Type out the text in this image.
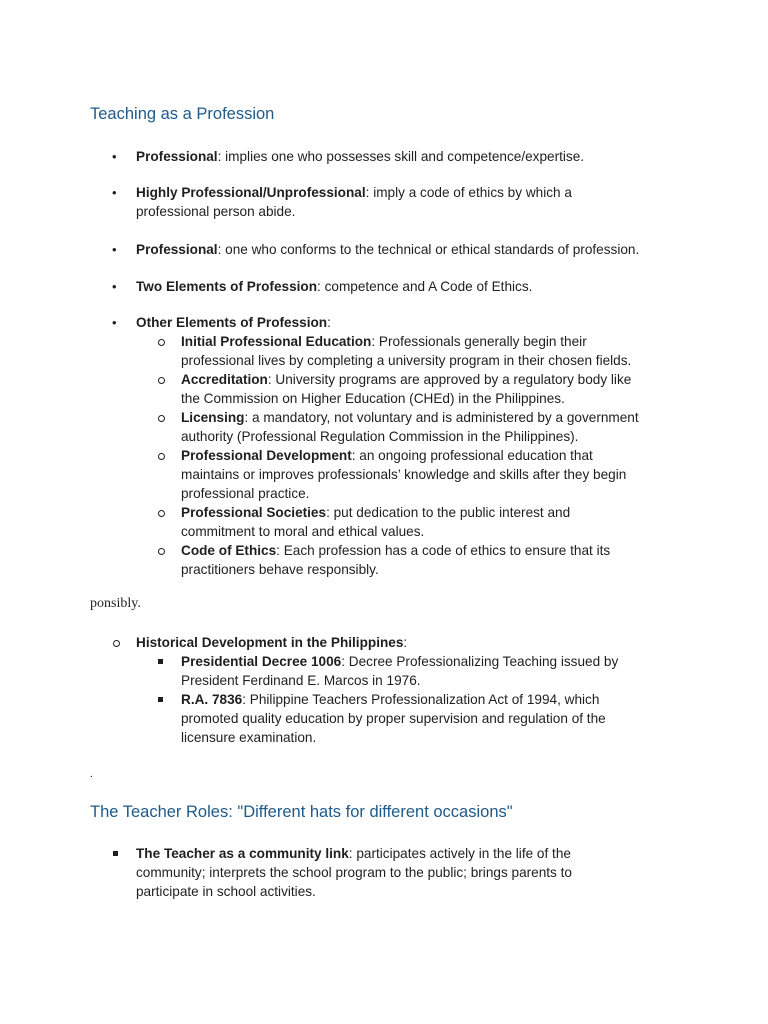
Teaching as a Profession
•
Professional: implies one who possesses skill and competence/expertise.
•
Highly Professional/Unprofessional: imply a code of ethics by which a
professional person abide.
•
Professional: one who conforms to the technical or ethical standards of profession.
•
Two Elements of Profession: competence and A Code of Ethics.
•
Other Elements of Profession:
Initial Professional Education: Professionals generally begin their
professional lives by completing a university program in their chosen fields.
Accreditation: University programs are approved by a regulatory body like
the Commission on Higher Education (CHEd) in the Philippines.
Licensing: a mandatory, not voluntary and is administered by a government
authority (Professional Regulation Commission in the Philippines).
Professional Development: an ongoing professional education that
maintains or improves professionals’ knowledge and skills after they begin
professional practice.
Professional Societies: put dedication to the public interest and
commitment to moral and ethical values.
Code of Ethics: Each profession has a code of ethics to ensure that its
practitioners behave responsibly.
ponsibly.
Historical Development in the Philippines:
Presidential Decree 1006: Decree Professionalizing Teaching issued by
President Ferdinand E. Marcos in 1976.
R.A. 7836: Philippine Teachers Professionalization Act of 1994, which
promoted quality education by proper supervision and regulation of the
licensure examination.
.
The Teacher Roles: "Different hats for different occasions"
The Teacher as a community link: participates actively in the life of the
community; interprets the school program to the public; brings parents to
participate in school activities.
